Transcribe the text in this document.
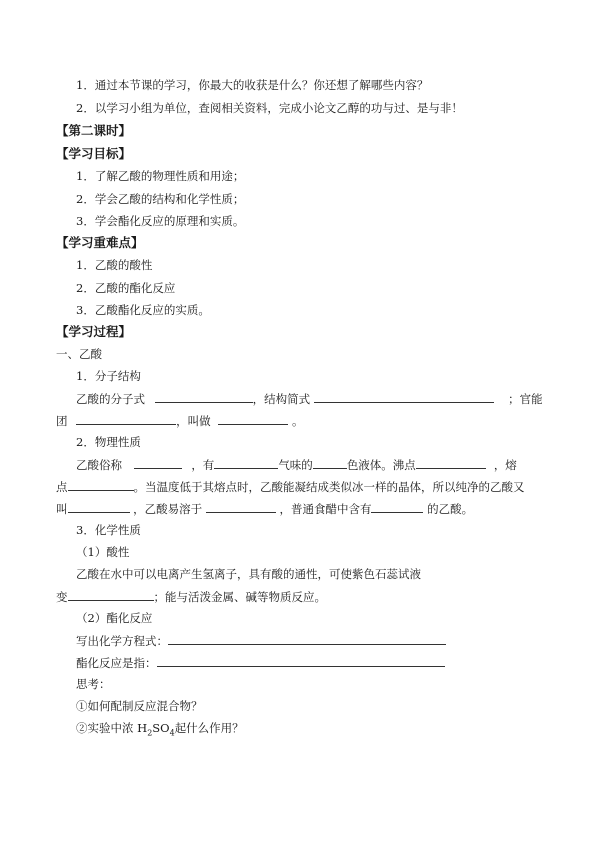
1．通过本节课的学习，你最大的收获是什么？你还想了解哪些内容？
2．以学习小组为单位，查阅相关资料，完成小论文乙醇的功与过、是与非！
【第二课时】
【学习目标】
1．了解乙酸的物理性质和用途；
2．学会乙酸的结构和化学性质；
3．学会酯化反应的原理和实质。
【学习重难点】
1．乙酸的酸性
2．乙酸的酯化反应
3．乙酸酯化反应的实质。
【学习过程】
一、乙酸
1．分子结构
乙酸的分子式	，结构简式	；官能
团	，叫做	。
2．物理性质
乙酸俗称	，有	气味的	色液体。沸点	，熔
点	。当温度低于其熔点时，乙酸能凝结成类似冰一样的晶体，所以纯净的乙酸又
叫	，乙酸易溶于	，普通食醋中含有	的乙酸。
3．化学性质
（1）酸性
乙酸在水中可以电离产生氢离子，具有酸的通性，可使紫色石蕊试液
变	；能与活泼金属、碱等物质反应。
（2）酯化反应
写出化学方程式：
酯化反应是指：
思考：
①如何配制反应混合物？
②实验中浓 $H_2SO_4$起什么作用？
